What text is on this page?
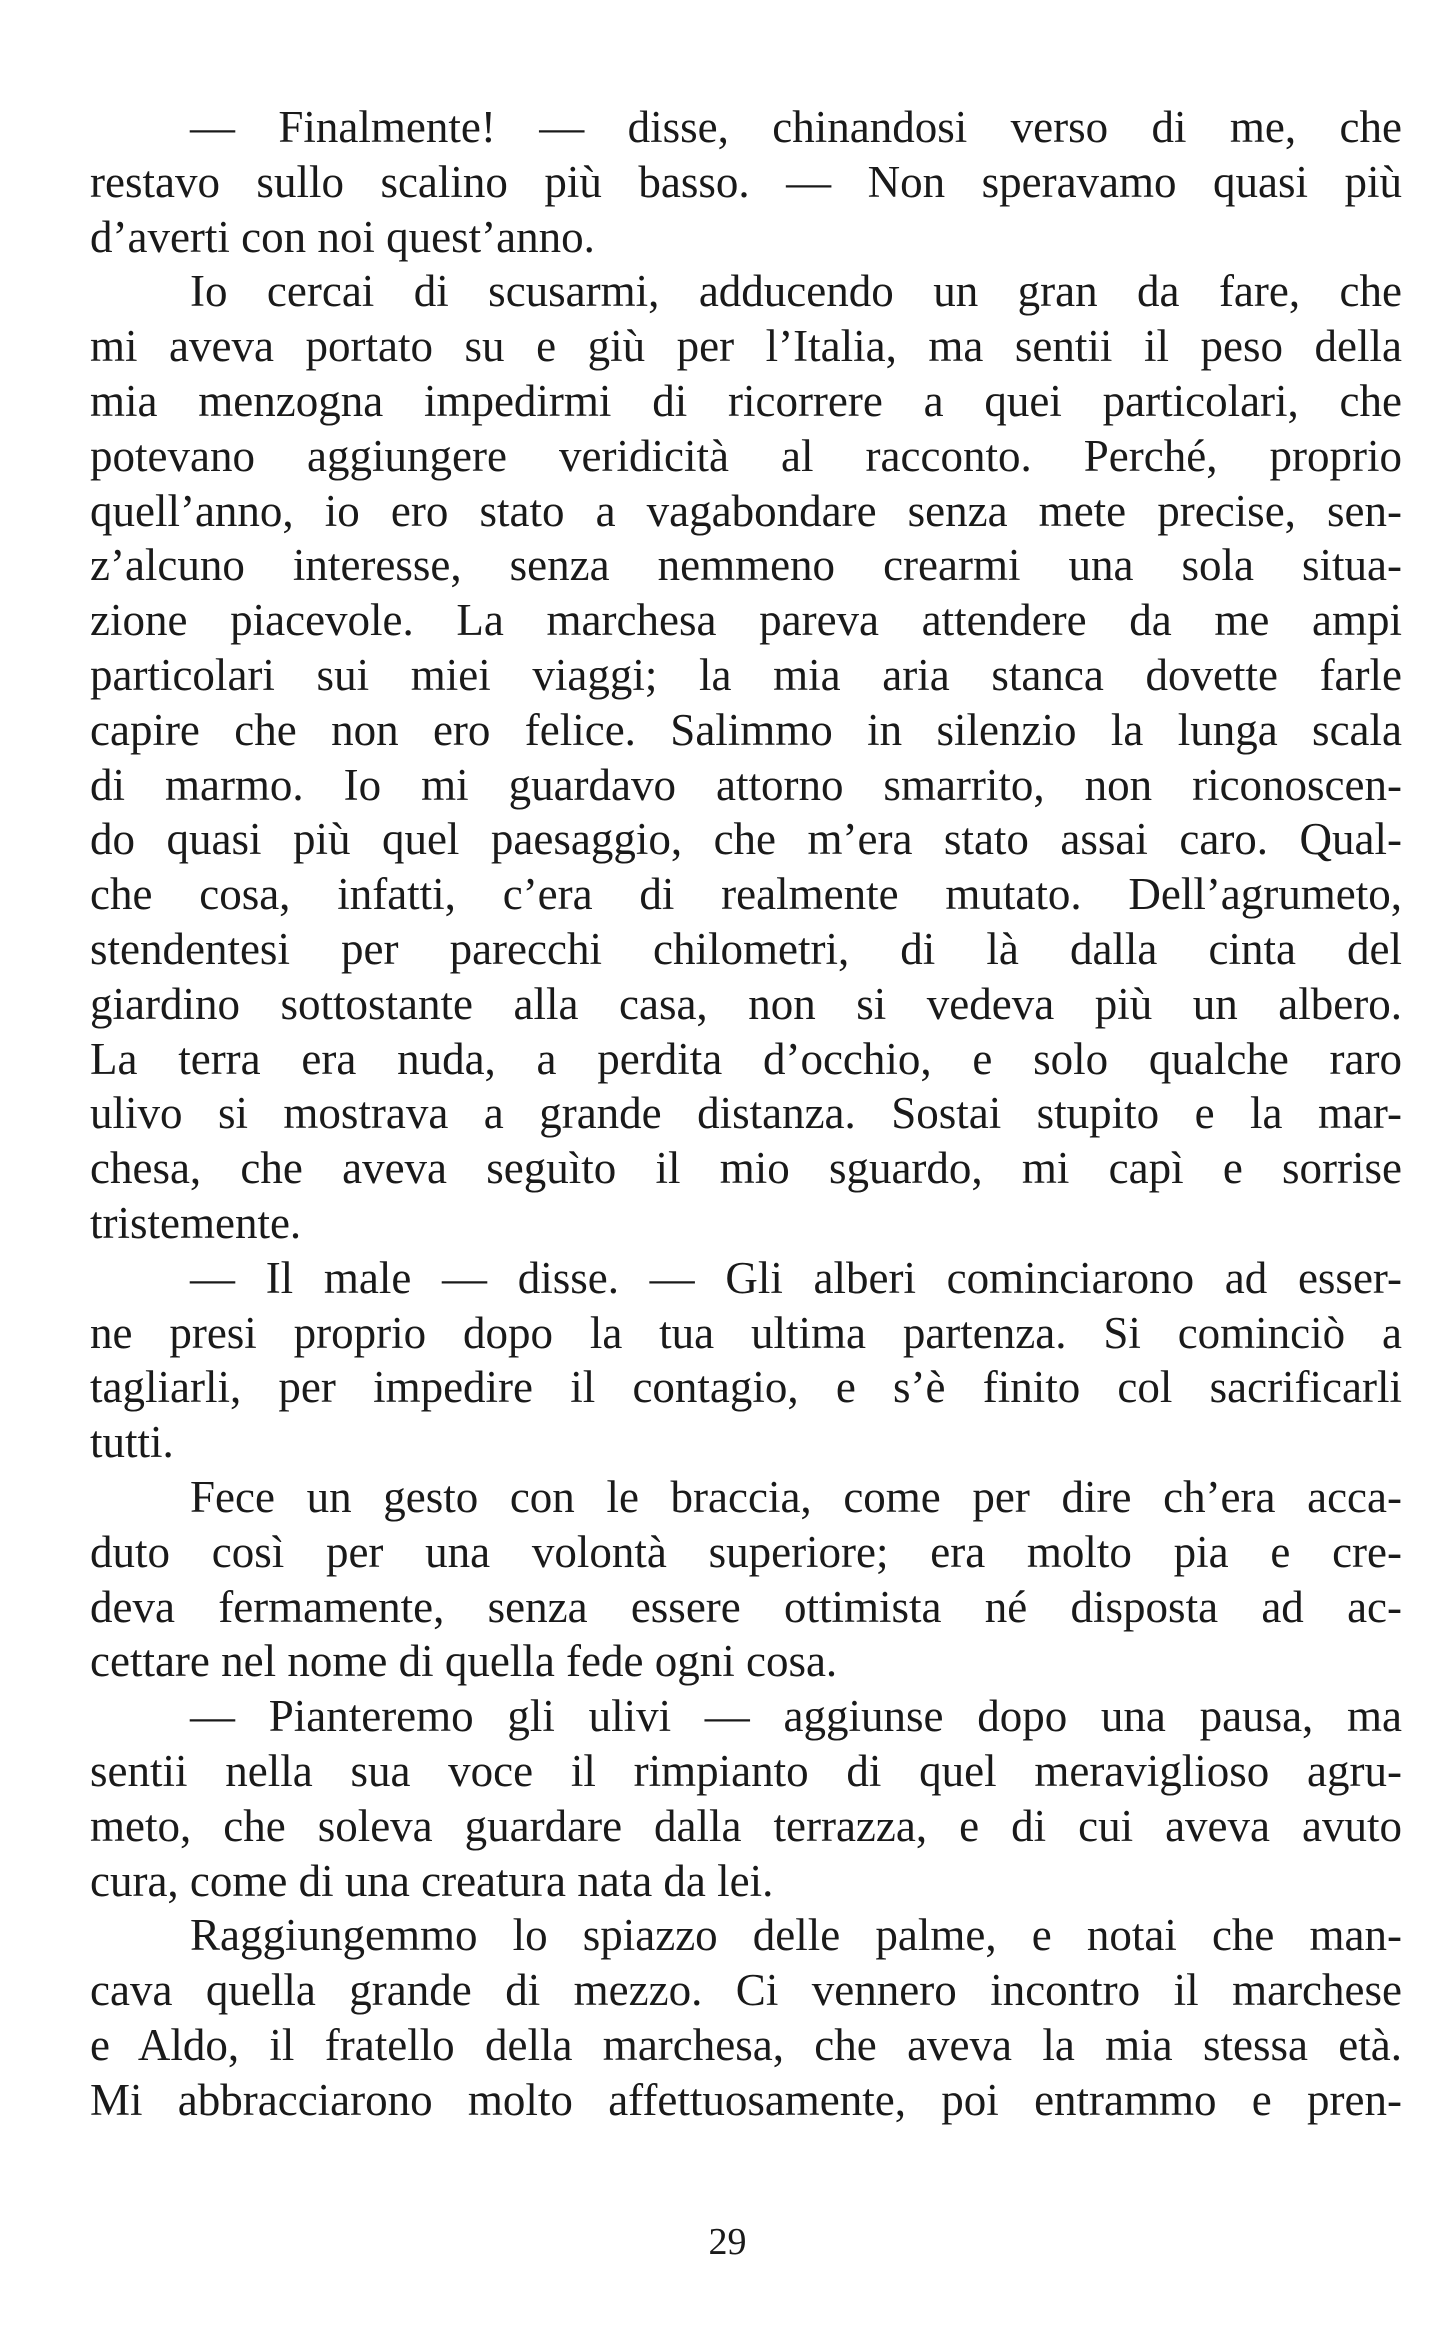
— Finalmente! — disse, chinandosi verso di me, che
restavo sullo scalino più basso. — Non speravamo quasi più
d’averti con noi quest’anno.
Io cercai di scusarmi, adducendo un gran da fare, che
mi aveva portato su e giù per l’Italia, ma sentii il peso della
mia menzogna impedirmi di ricorrere a quei particolari, che
potevano aggiungere veridicità al racconto. Perché, proprio
quell’anno, io ero stato a vagabondare senza mete precise, sen-
z’alcuno interesse, senza nemmeno crearmi una sola situa-
zione piacevole. La marchesa pareva attendere da me ampi
particolari sui miei viaggi; la mia aria stanca dovette farle
capire che non ero felice. Salimmo in silenzio la lunga scala
di marmo. Io mi guardavo attorno smarrito, non riconoscen-
do quasi più quel paesaggio, che m’era stato assai caro. Qual-
che cosa, infatti, c’era di realmente mutato. Dell’agrumeto,
stendentesi per parecchi chilometri, di là dalla cinta del
giardino sottostante alla casa, non si vedeva più un albero.
La terra era nuda, a perdita d’occhio, e solo qualche raro
ulivo si mostrava a grande distanza. Sostai stupito e la mar-
chesa, che aveva seguìto il mio sguardo, mi capì e sorrise
tristemente.
— Il male — disse. — Gli alberi cominciarono ad esser-
ne presi proprio dopo la tua ultima partenza. Si cominciò a
tagliarli, per impedire il contagio, e s’è finito col sacrificarli
tutti.
Fece un gesto con le braccia, come per dire ch’era acca-
duto così per una volontà superiore; era molto pia e cre-
deva fermamente, senza essere ottimista né disposta ad ac-
cettare nel nome di quella fede ogni cosa.
— Pianteremo gli ulivi — aggiunse dopo una pausa, ma
sentii nella sua voce il rimpianto di quel meraviglioso agru-
meto, che soleva guardare dalla terrazza, e di cui aveva avuto
cura, come di una creatura nata da lei.
Raggiungemmo lo spiazzo delle palme, e notai che man-
cava quella grande di mezzo. Ci vennero incontro il marchese
e Aldo, il fratello della marchesa, che aveva la mia stessa età.
Mi abbracciarono molto affettuosamente, poi entrammo e pren-
29
